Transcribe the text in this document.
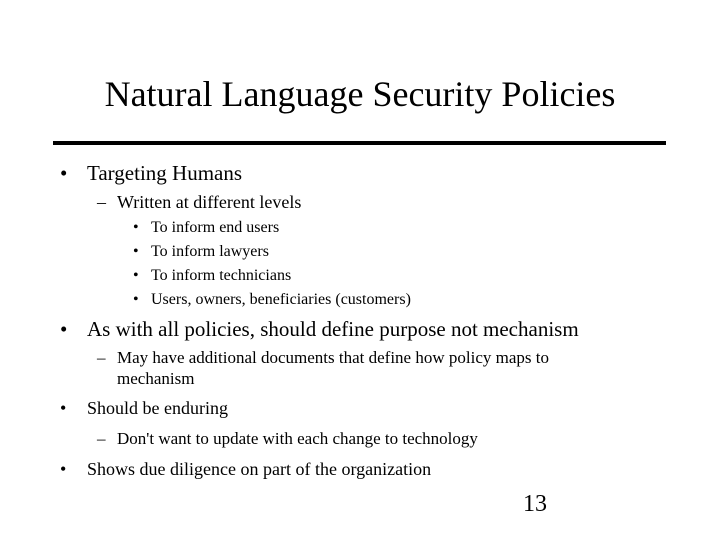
Natural Language Security Policies
• Targeting Humans
– Written at different levels
• To inform end users
• To inform lawyers
• To inform technicians
• Users, owners, beneficiaries (customers)
• As with all policies, should define purpose not mechanism
– May have additional documents that define how policy maps to
mechanism
• Should be enduring
– Don't want to update with each change to technology
• Shows due diligence on part of the organization
13
